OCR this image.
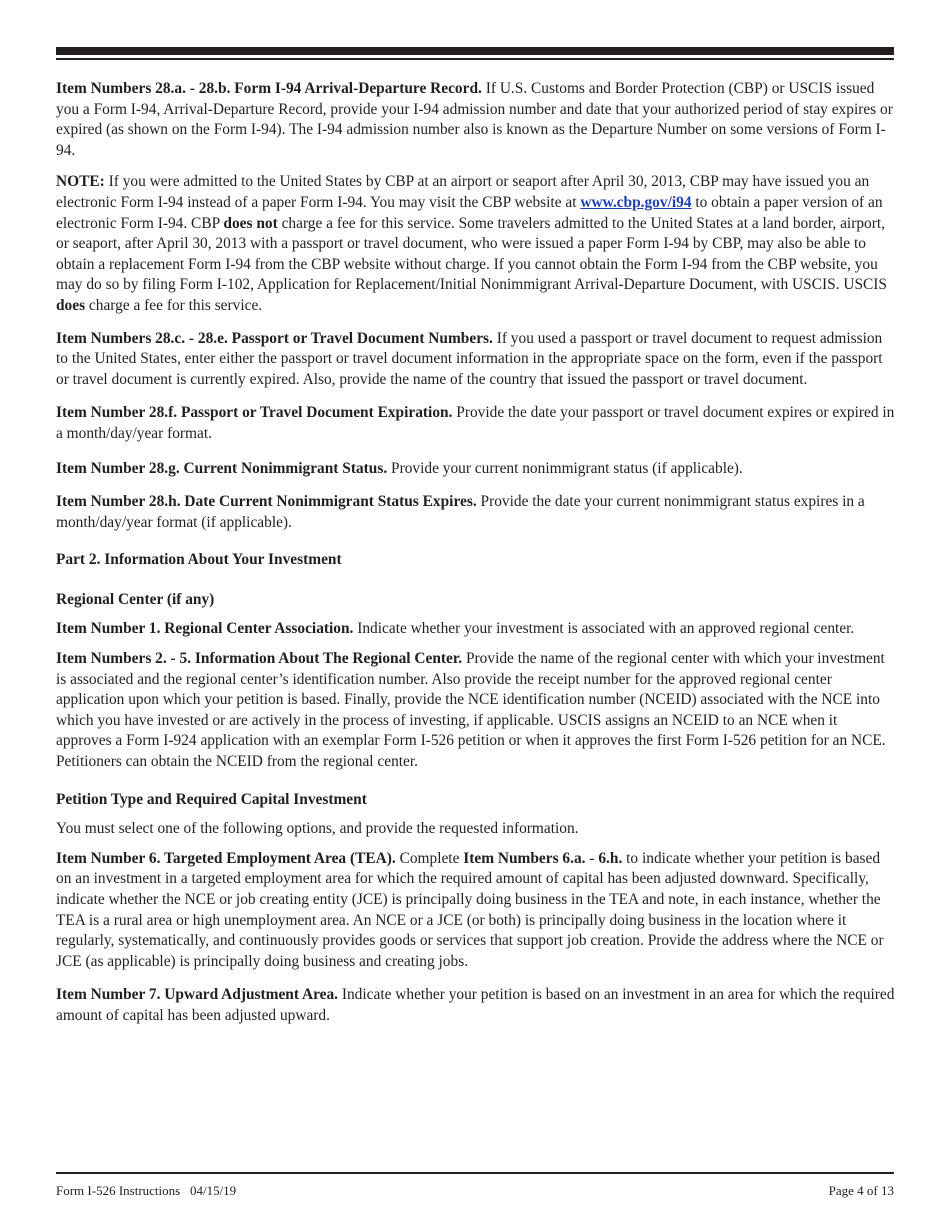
Item Numbers 28.a. - 28.b. Form I-94 Arrival-Departure Record. If U.S. Customs and Border Protection (CBP) or USCIS issued you a Form I-94, Arrival-Departure Record, provide your I-94 admission number and date that your authorized period of stay expires or expired (as shown on the Form I-94). The I-94 admission number also is known as the Departure Number on some versions of Form I-94.

NOTE: If you were admitted to the United States by CBP at an airport or seaport after April 30, 2013, CBP may have issued you an electronic Form I-94 instead of a paper Form I-94. You may visit the CBP website at www.cbp.gov/i94 to obtain a paper version of an electronic Form I-94. CBP does not charge a fee for this service. Some travelers admitted to the United States at a land border, airport, or seaport, after April 30, 2013 with a passport or travel document, who were issued a paper Form I-94 by CBP, may also be able to obtain a replacement Form I-94 from the CBP website without charge. If you cannot obtain the Form I-94 from the CBP website, you may do so by filing Form I-102, Application for Replacement/Initial Nonimmigrant Arrival-Departure Document, with USCIS. USCIS does charge a fee for this service.

Item Numbers 28.c. - 28.e. Passport or Travel Document Numbers. If you used a passport or travel document to request admission to the United States, enter either the passport or travel document information in the appropriate space on the form, even if the passport or travel document is currently expired. Also, provide the name of the country that issued the passport or travel document.

Item Number 28.f. Passport or Travel Document Expiration. Provide the date your passport or travel document expires or expired in a month/day/year format.

Item Number 28.g. Current Nonimmigrant Status. Provide your current nonimmigrant status (if applicable).

Item Number 28.h. Date Current Nonimmigrant Status Expires. Provide the date your current nonimmigrant status expires in a month/day/year format (if applicable).

Part 2. Information About Your Investment

Regional Center (if any)

Item Number 1. Regional Center Association. Indicate whether your investment is associated with an approved regional center.

Item Numbers 2. - 5. Information About The Regional Center. Provide the name of the regional center with which your investment is associated and the regional center’s identification number. Also provide the receipt number for the approved regional center application upon which your petition is based. Finally, provide the NCE identification number (NCEID) associated with the NCE into which you have invested or are actively in the process of investing, if applicable. USCIS assigns an NCEID to an NCE when it approves a Form I-924 application with an exemplar Form I-526 petition or when it approves the first Form I-526 petition for an NCE. Petitioners can obtain the NCEID from the regional center.

Petition Type and Required Capital Investment

You must select one of the following options, and provide the requested information.

Item Number 6. Targeted Employment Area (TEA). Complete Item Numbers 6.a. - 6.h. to indicate whether your petition is based on an investment in a targeted employment area for which the required amount of capital has been adjusted downward. Specifically, indicate whether the NCE or job creating entity (JCE) is principally doing business in the TEA and note, in each instance, whether the TEA is a rural area or high unemployment area. An NCE or a JCE (or both) is principally doing business in the location where it regularly, systematically, and continuously provides goods or services that support job creation. Provide the address where the NCE or JCE (as applicable) is principally doing business and creating jobs.

Item Number 7. Upward Adjustment Area. Indicate whether your petition is based on an investment in an area for which the required amount of capital has been adjusted upward.

Form I-526 Instructions   04/15/19	Page 4 of 13
